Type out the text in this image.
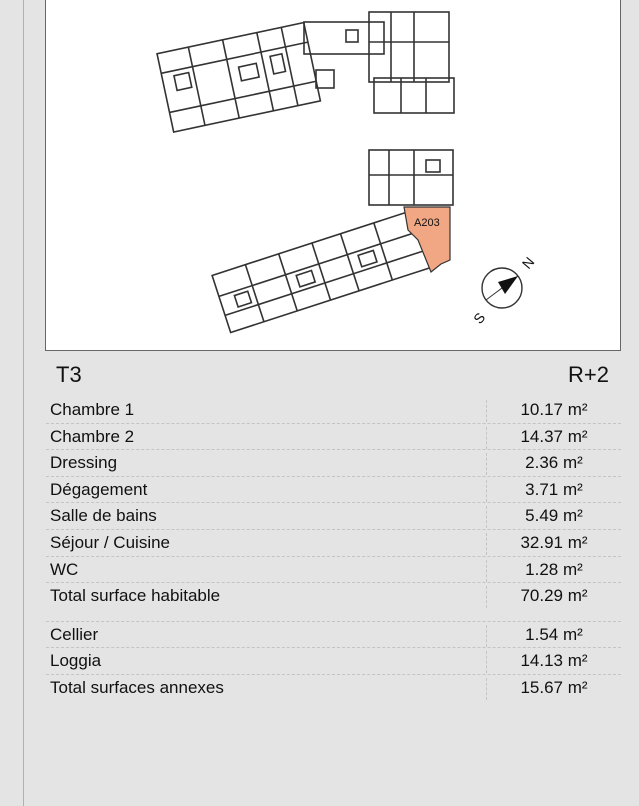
A203
N
S
T3	R+2
Chambre 1	10.17 m²
Chambre 2	14.37 m²
Dressing	2.36 m²
Dégagement	3.71 m²
Salle de bains	5.49 m²
Séjour / Cuisine	32.91 m²
WC	1.28 m²
Total surface habitable	70.29 m²
Cellier	1.54 m²
Loggia	14.13 m²
Total surfaces annexes	15.67 m²
